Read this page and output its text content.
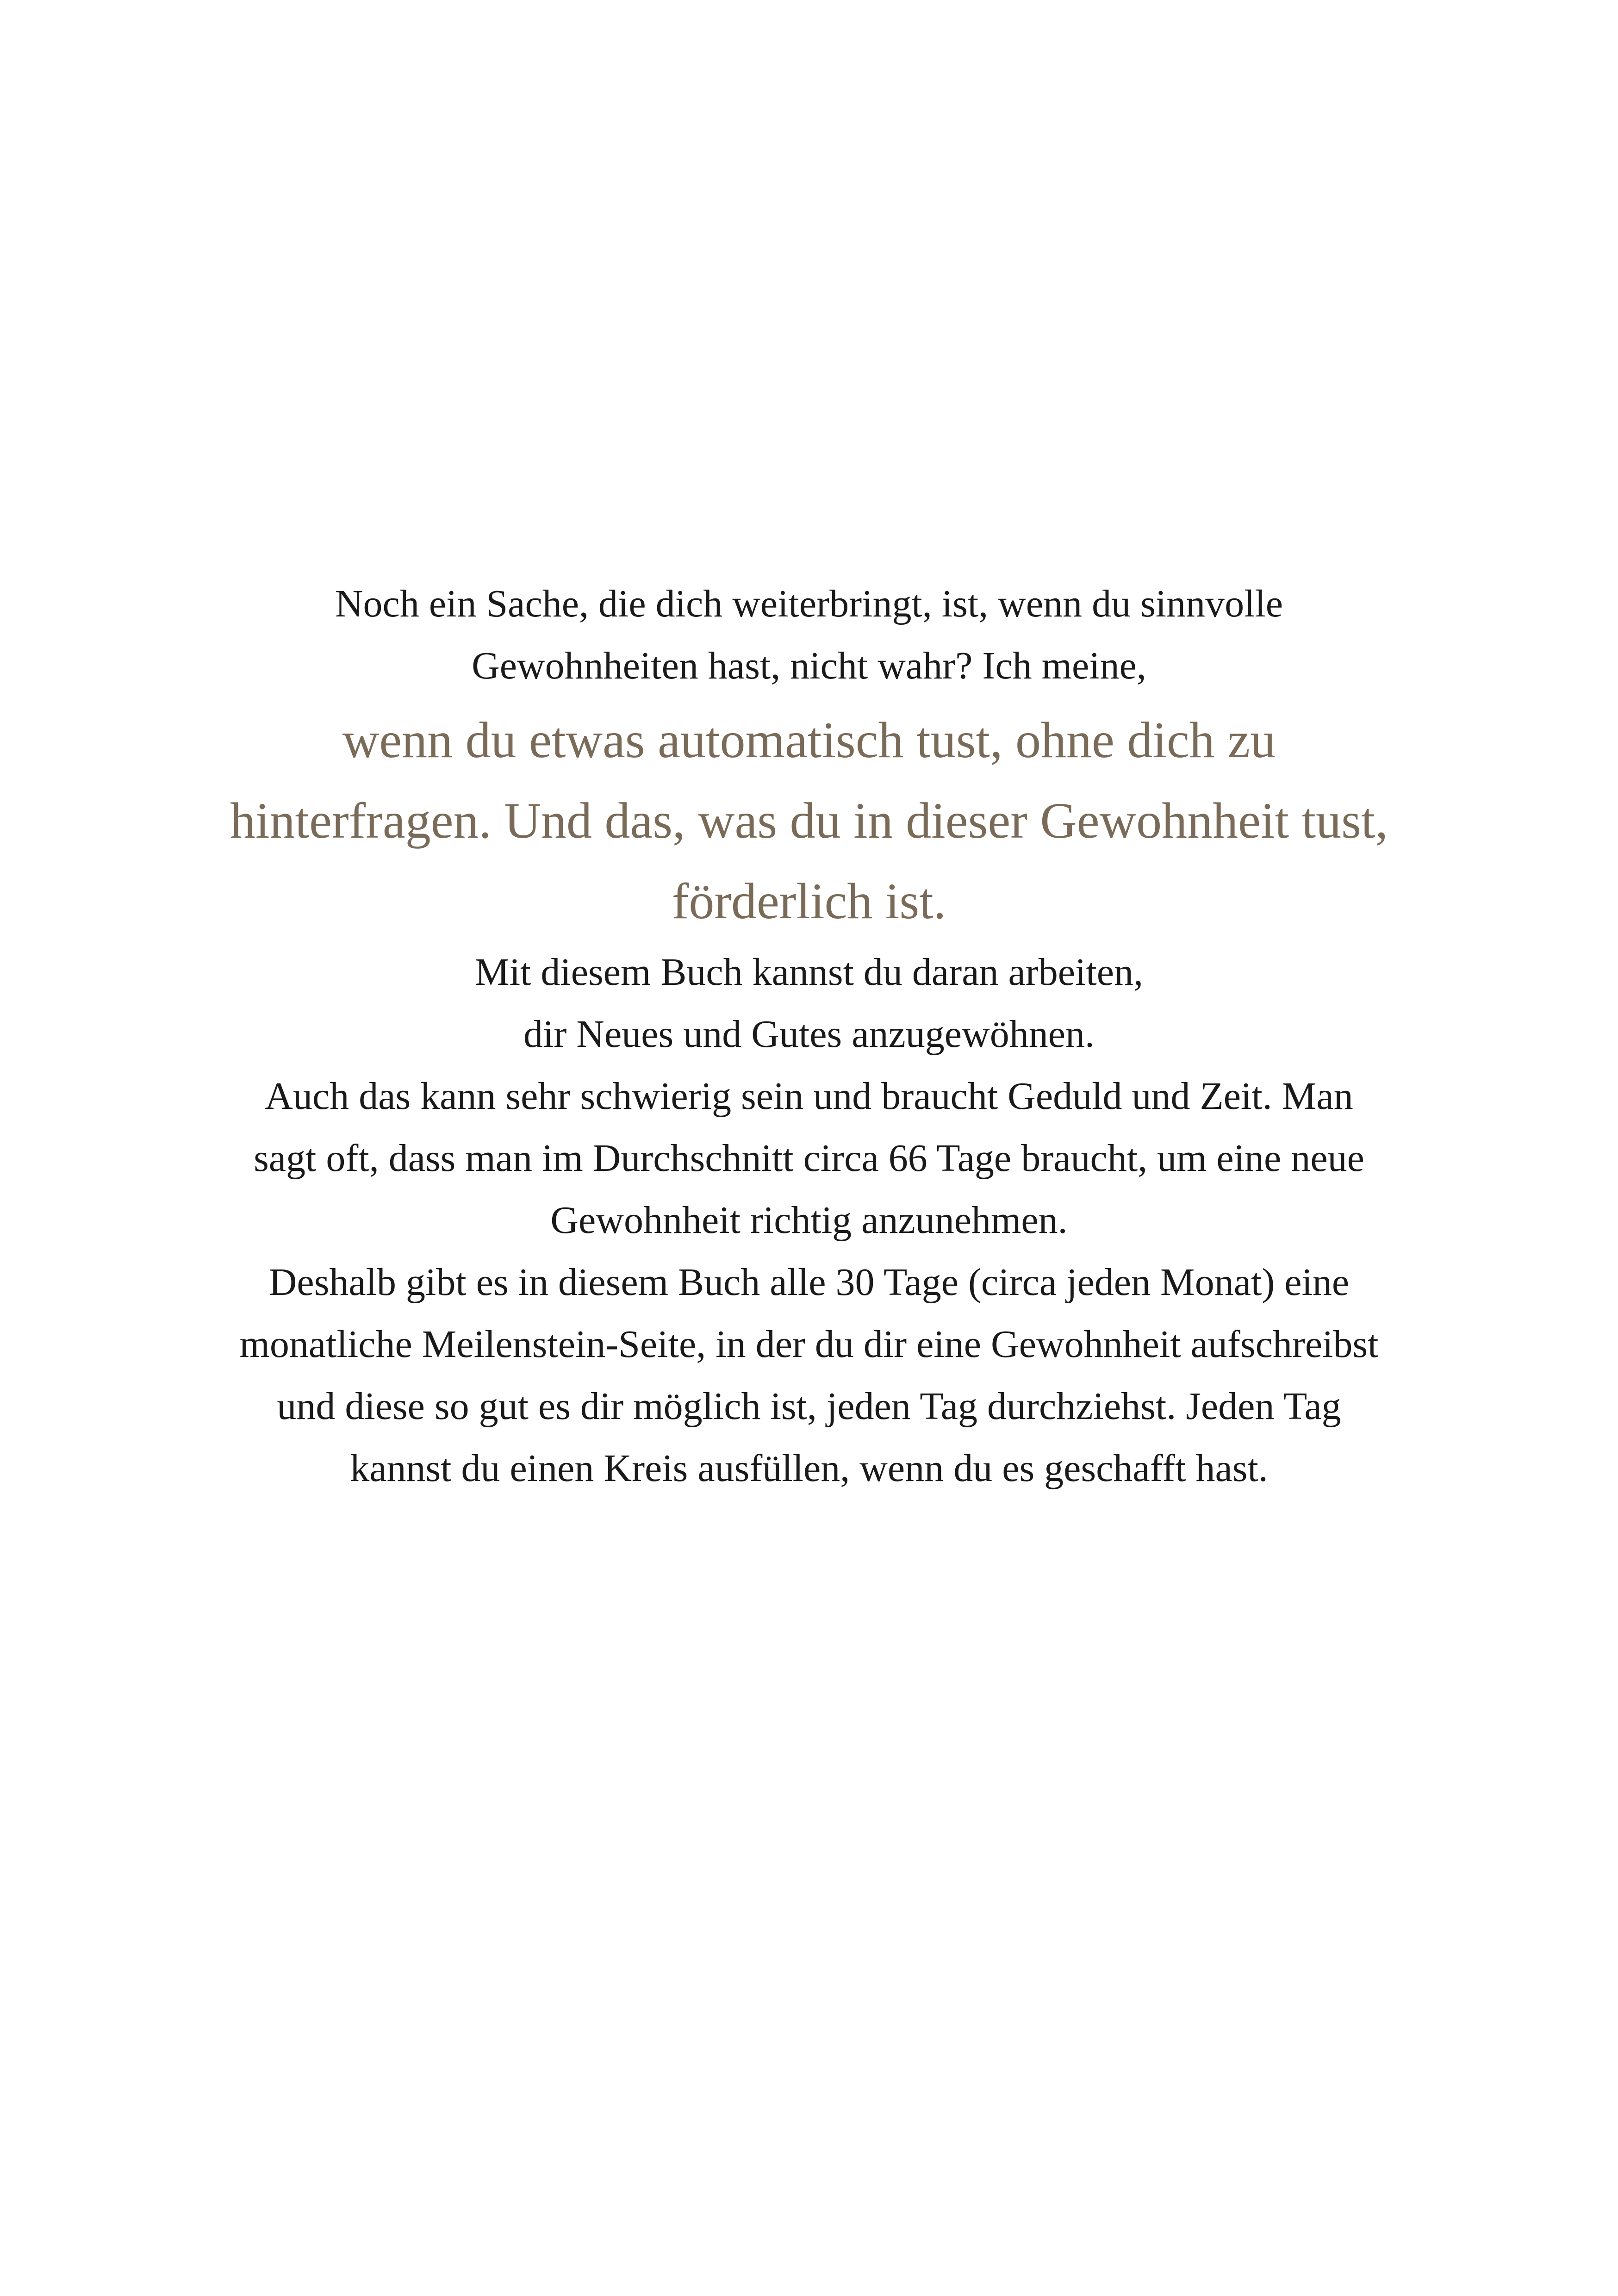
Noch ein Sache, die dich weiterbringt, ist, wenn du sinnvolle
Gewohnheiten hast, nicht wahr? Ich meine,
wenn du etwas automatisch tust, ohne dich zu
hinterfragen. Und das, was du in dieser Gewohnheit tust,
förderlich ist.
Mit diesem Buch kannst du daran arbeiten,
dir Neues und Gutes anzugewöhnen.
Auch das kann sehr schwierig sein und braucht Geduld und Zeit. Man
sagt oft, dass man im Durchschnitt circa 66 Tage braucht, um eine neue
Gewohnheit richtig anzunehmen.
Deshalb gibt es in diesem Buch alle 30 Tage (circa jeden Monat) eine
monatliche Meilenstein-Seite, in der du dir eine Gewohnheit aufschreibst
und diese so gut es dir möglich ist, jeden Tag durchziehst. Jeden Tag
kannst du einen Kreis ausfüllen, wenn du es geschafft hast.
